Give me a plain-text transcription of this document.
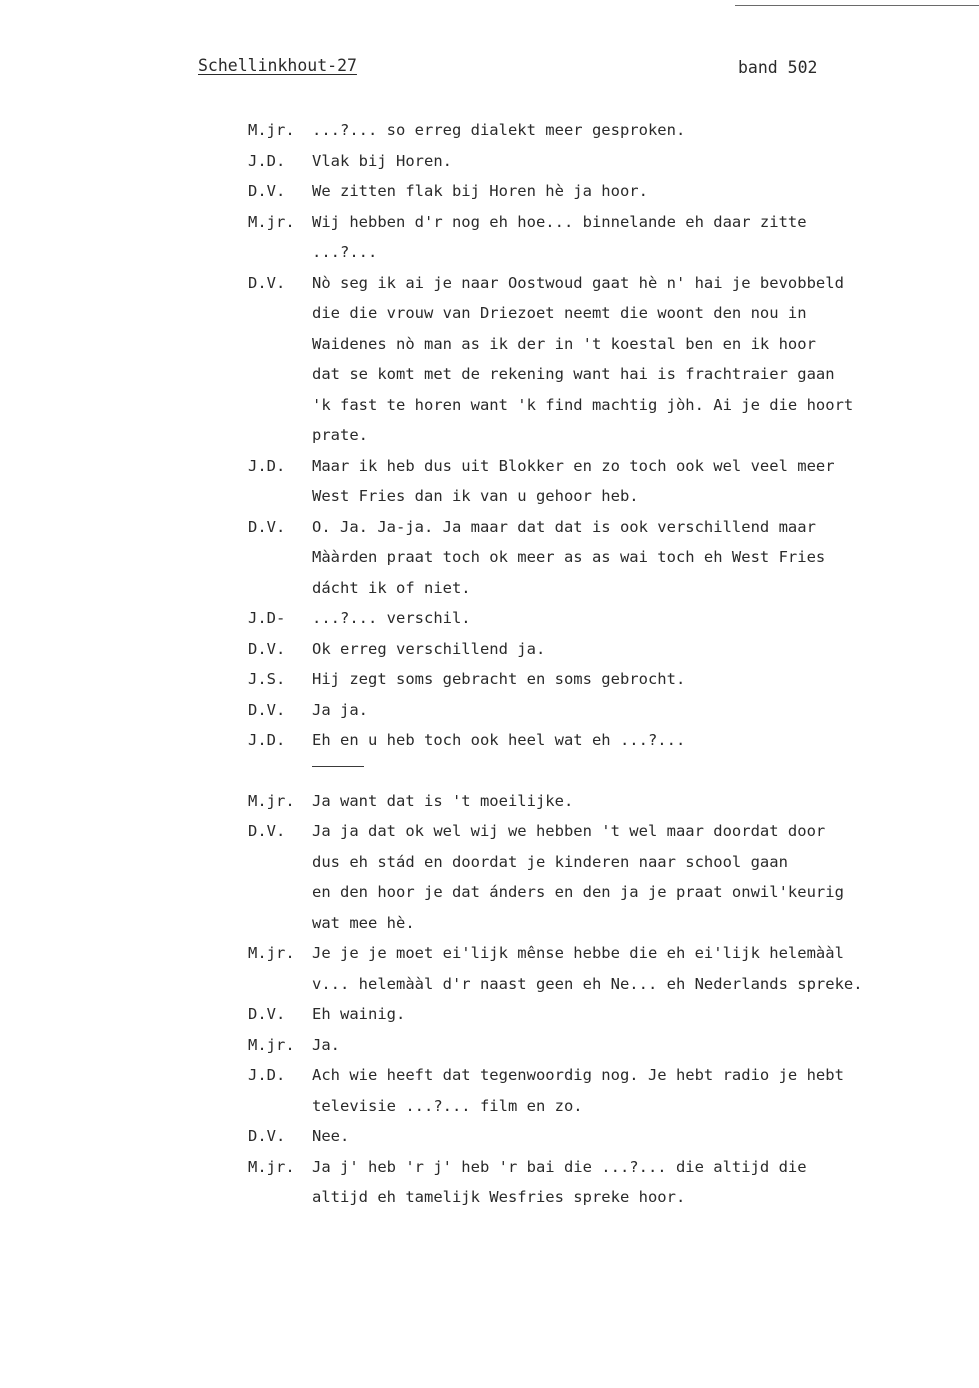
Schellinkhout-27	band 502
M.jr.	...?... so erreg dialekt meer gesproken.
J.D.	Vlak bij Horen.
D.V.	We zitten flak bij Horen hè ja hoor.
M.jr.	Wij hebben d'r nog eh hoe... binnelande eh daar zitte
...?...
D.V.	Nò seg ik ai je naar Oostwoud gaat hè n' hai je bevobbeld
die die vrouw van Driezoet neemt die woont den nou in
Waidenes nò man as ik der in 't koestal ben en ik hoor
dat se komt met de rekening want hai is frachtraier gaan
'k fast te horen want 'k find machtig jòh. Ai je die hoort
prate.
J.D.	Maar ik heb dus uit Blokker en zo toch ook wel veel meer
West Fries dan ik van u gehoor heb.
D.V.	O. Ja. Ja-ja. Ja maar dat dat is ook verschillend maar
Mààrden praat toch ok meer as as wai toch eh West Fries
dácht ik of niet.
J.D-	...?... verschil.
D.V.	Ok erreg verschillend ja.
J.S.	Hij zegt soms gebracht en soms gebrocht.
D.V.	Ja ja.
J.D.	Eh en u heb toch ook heel wat eh ...?...
M.jr.	Ja want dat is 't moeilijke.
D.V.	Ja ja dat ok wel wij we hebben 't wel maar doordat door
dus eh stád en doordat je kinderen naar school gaan
en den hoor je dat ánders en den ja je praat onwil'keurig
wat mee hè.
M.jr.	Je je je moet ei'lijk mênse hebbe die eh ei'lijk helemààl
v... helemààl d'r naast geen eh Ne... eh Nederlands spreke.
D.V.	Eh wainig.
M.jr.	Ja.
J.D.	Ach wie heeft dat tegenwoordig nog. Je hebt radio je hebt
televisie ...?... film en zo.
D.V.	Nee.
M.jr.	Ja j' heb 'r j' heb 'r bai die ...?... die altijd die
altijd eh tamelijk Wesfries spreke hoor.
